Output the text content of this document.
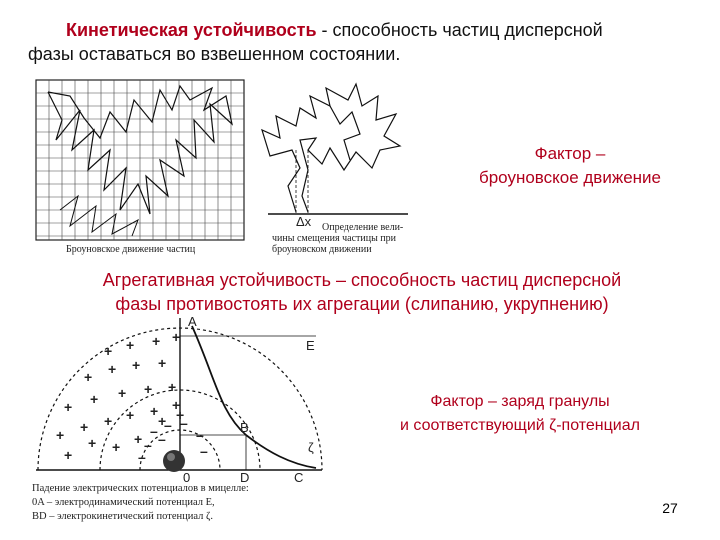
Кинетическая устойчивость - способность частиц дисперсной
фазы оставаться во взвешенном состоянии.
Δx
+ + + +
+ + + +
+ + + + +
+ + + + + +
+
+
+	+
+ +
– – –
– – –
–	–
A
E
B
ζ
0	D	C
Броуновское движение частиц
Определение вели-
чины смещения частицы при
броуновском движении
Фактор –
броуновское движение
Агрегативная устойчивость – способность частиц дисперсной
фазы противостоять их агрегации (слипанию, укрупнению)
Фактор – заряд гранулы
и соответствующий ζ-потенциал
Падение электрических потенциалов в мицелле:
0A – электродинамический потенциал E,
BD – электрокинетический потенциал ζ.
27
